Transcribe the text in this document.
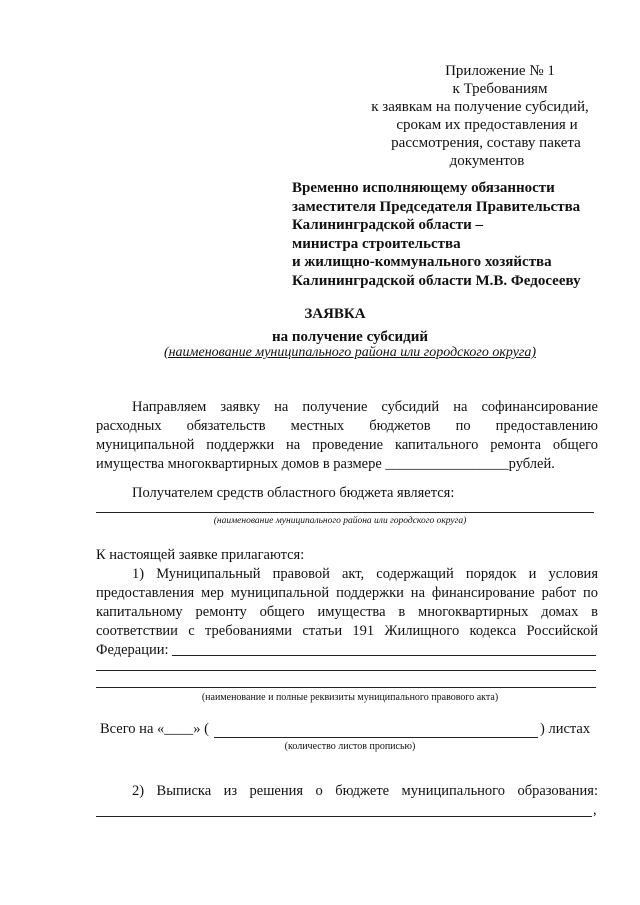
Приложение № 1
к Требованиям
к заявкам на получение субсидий,
срокам их предоставления и
рассмотрения, составу пакета
документов
Временно исполняющему обязанности
заместителя Председателя Правительства
Калининградской области –
министра строительства
и жилищно-коммунального хозяйства
Калининградской области М.В. Федосееву
ЗАЯВКА
на получение субсидий
(наименование муниципального района или городского округа)
Направляем заявку на получение субсидий на софинансирование
расходных обязательств местных бюджетов по предоставлению
муниципальной поддержки на проведение капитального ремонта общего
имущества многоквартирных домов в размере _________________рублей.
Получателем средств областного бюджета является:
(наименование муниципального района или городского округа)
К настоящей заявке прилагаются:
1) Муниципальный правовой акт, содержащий порядок и условия
предоставления мер муниципальной поддержки на финансирование работ по
капитальному ремонту общего имущества в многоквартирных домах в
соответствии с требованиями статьи 191 Жилищного кодекса Российской
Федерации:
(наименование и полные реквизиты муниципального правового акта)
Всего на «____» (	) листах
(количество листов прописью)
2) Выписка из решения о бюджете муниципального образования:
,
